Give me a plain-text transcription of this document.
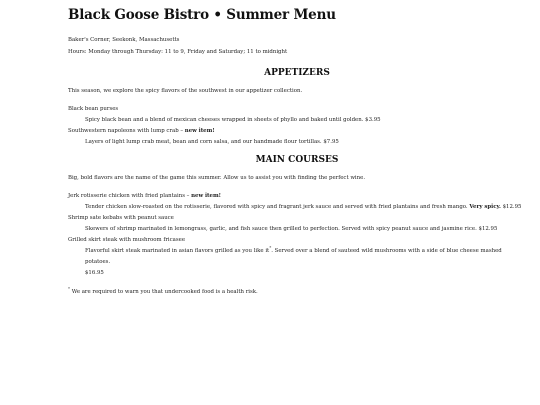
Black Goose Bistro • Summer Menu

Baker's Corner, Seekonk, Massachusetts

Hours: Monday through Thursday: 11 to 9, Friday and Saturday; 11 to midnight

APPETIZERS

This season, we explore the spicy flavors of the southwest in our appetizer collection.

Black bean purses
Spicy black bean and a blend of mexican cheeses wrapped in sheets of phyllo and baked until golden. $3.95
Southwestern napoleons with lump crab – new item!
Layers of light lump crab meat, bean and corn salsa, and our handmade flour tortillas. $7.95
MAIN COURSES

Big, bold flavors are the name of the game this summer. Allow us to assist you with finding the perfect wine.

Jerk rotisserie chicken with fried plantains – new item!
Tender chicken slow-roasted on the rotisserie, flavored with spicy and fragrant jerk sauce and served with fried plantains and fresh mango. Very spicy. $12.95
Shrimp sate kebabs with peanut sauce
Skewers of shrimp marinated in lemongrass, garlic, and fish sauce then grilled to perfection. Served with spicy peanut sauce and jasmine rice. $12.95
Grilled skirt steak with mushroom fricasee
Flavorful skirt steak marinated in asian flavors grilled as you like it*. Served over a blend of sauteed wild mushrooms with a side of blue cheese mashed potatoes.
$16.95

* We are required to warn you that undercooked food is a health risk.
